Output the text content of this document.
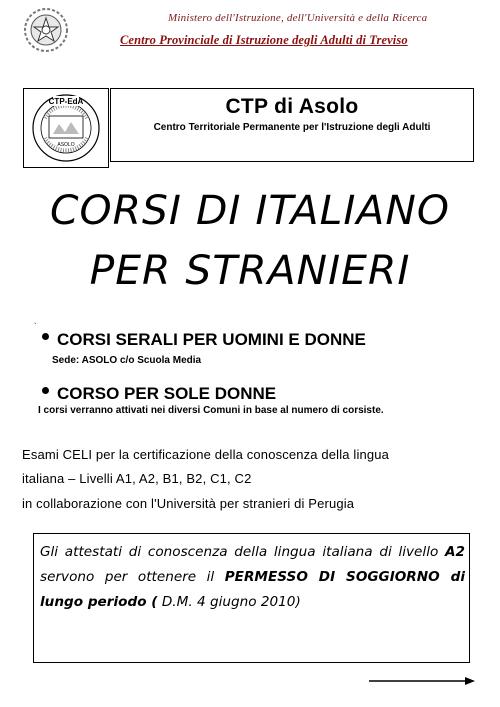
Ministero dell'Istruzione, dell'Università e della Ricerca
Centro Provinciale di Istruzione degli Adulti di Treviso
CTP-EdA
ASOLO
CTP di Asolo
Centro Territoriale Permanente per l'Istruzione degli Adulti
CORSI DI ITALIANO
PER STRANIERI
`
CORSI SERALI PER UOMINI E DONNE
Sede: ASOLO c/o Scuola Media
CORSO PER SOLE DONNE
I corsi verranno attivati nei diversi Comuni in base al numero di corsiste.
Esami CELI per la certificazione della conoscenza della lingua
italiana – Livelli A1, A2, B1, B2, C1, C2
in collaborazione con l'Università per stranieri di Perugia
Gli attestati di conoscenza della lingua italiana di livello A2 servono per ottenere il PERMESSO DI SOGGIORNO di lungo periodo ( D.M. 4 giugno 2010)
